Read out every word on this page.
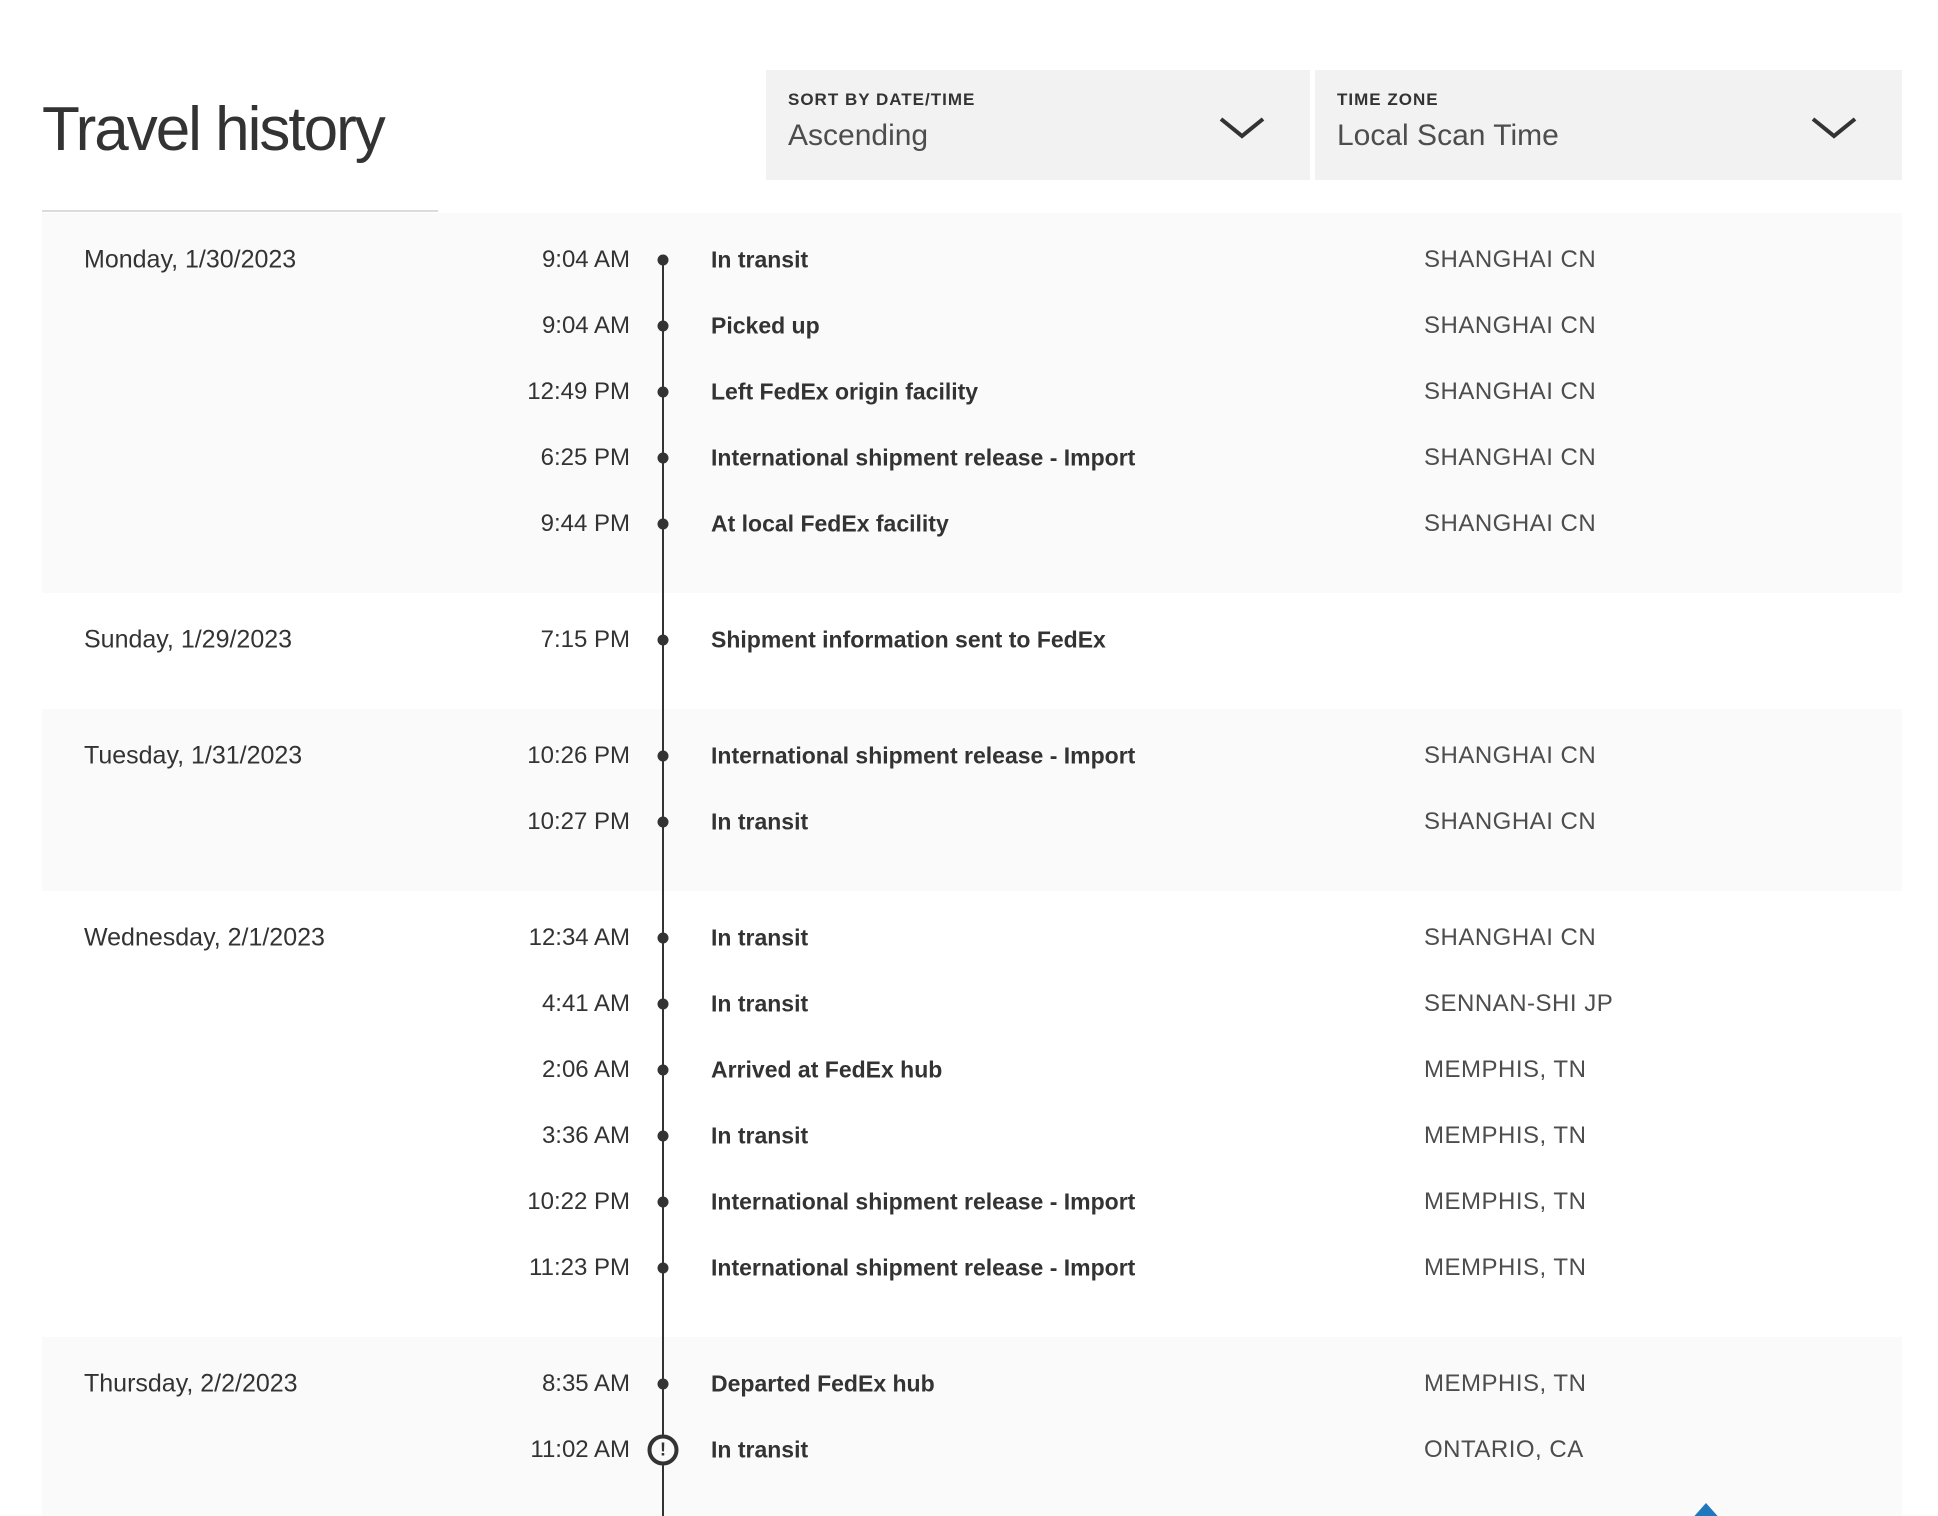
Travel history	SORT BY DATE/TIME
Ascending
TIME ZONE
Local Scan Time
Monday, 1/30/2023	9:04 AM	In transit	SHANGHAI CN
9:04 AM	Picked up	SHANGHAI CN
12:49 PM	Left FedEx origin facility	SHANGHAI CN
6:25 PM	International shipment release - Import	SHANGHAI CN
9:44 PM	At local FedEx facility	SHANGHAI CN
Sunday, 1/29/2023	7:15 PM	Shipment information sent to FedEx
Tuesday, 1/31/2023	10:26 PM	International shipment release - Import	SHANGHAI CN
10:27 PM	In transit	SHANGHAI CN
Wednesday, 2/1/2023	12:34 AM	In transit	SHANGHAI CN
4:41 AM	In transit	SENNAN-SHI JP
2:06 AM	Arrived at FedEx hub	MEMPHIS, TN
3:36 AM	In transit	MEMPHIS, TN
10:22 PM	International shipment release - Import	MEMPHIS, TN
11:23 PM	International shipment release - Import	MEMPHIS, TN
Thursday, 2/2/2023	8:35 AM	Departed FedEx hub	MEMPHIS, TN
11:02 AM	!	In transit	ONTARIO, CA
